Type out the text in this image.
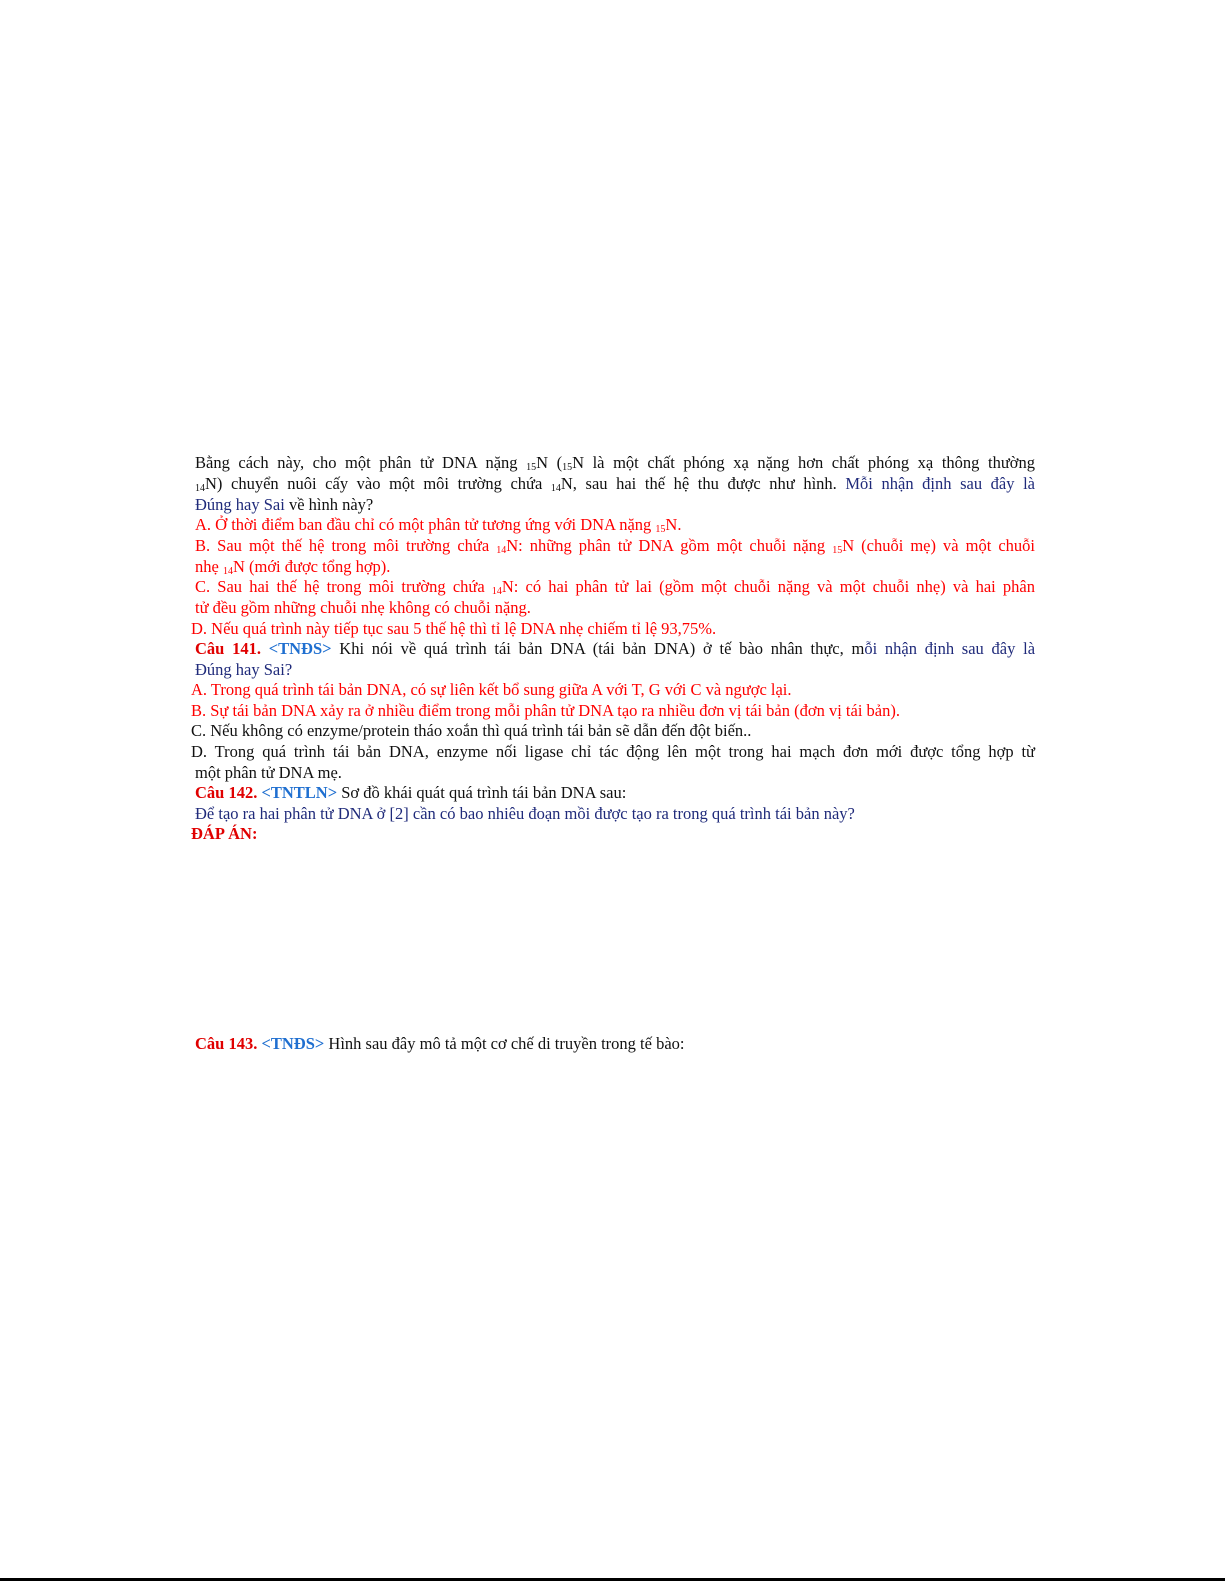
Bằng cách này, cho một phân tử DNA nặng $_{15}$N ($_{15}N$ là một chất phóng xạ nặng hơn chất phóng xạ thông thường
$_{14}$N) chuyển nuôi cấy vào một môi trường chứa $_{14}$N, sau hai thế hệ thu được như hình. Mỗi nhận định sau đây là
Đúng hay Sai về hình này?
A. Ở thời điểm ban đầu chỉ có một phân tử tương ứng với DNA nặng $_{15}$N.
B. Sau một thế hệ trong môi trường chứa $_{14}$N: những phân tử DNA gồm một chuỗi nặng $_{15}$N (chuỗi mẹ) và một chuỗi
nhẹ $_{14}$N (mới được tổng hợp).
C. Sau hai thế hệ trong môi trường chứa $_{14}$N: có hai phân tử lai (gồm một chuỗi nặng và một chuỗi nhẹ) và hai phân
tử đều gồm những chuỗi nhẹ không có chuỗi nặng.
D. Nếu quá trình này tiếp tục sau 5 thế hệ thì tỉ lệ DNA nhẹ chiếm tỉ lệ 93,75%.
Câu 141. <TNĐS> Khi nói về quá trình tái bản DNA (tái bản DNA) ở tế bào nhân thực, mỗi nhận định sau đây là
Đúng hay Sai?
A. Trong quá trình tái bản DNA, có sự liên kết bổ sung giữa A với T, G với C và ngược lại.
B. Sự tái bản DNA xảy ra ở nhiều điểm trong mỗi phân tử DNA tạo ra nhiều đơn vị tái bản (đơn vị tái bản).
C. Nếu không có enzyme/protein tháo xoắn thì quá trình tái bản sẽ dẫn đến đột biến..
D. Trong quá trình tái bản DNA, enzyme nối ligase chỉ tác động lên một trong hai mạch đơn mới được tổng hợp từ
một phân tử DNA mẹ.
Câu 142. <TNTLN> Sơ đồ khái quát quá trình tái bản DNA sau:
Để tạo ra hai phân tử DNA ở [2] cần có bao nhiêu đoạn mồi được tạo ra trong quá trình tái bản này?
ĐÁP ÁN:
Câu 143. <TNĐS> Hình sau đây mô tả một cơ chế di truyền trong tế bào:
